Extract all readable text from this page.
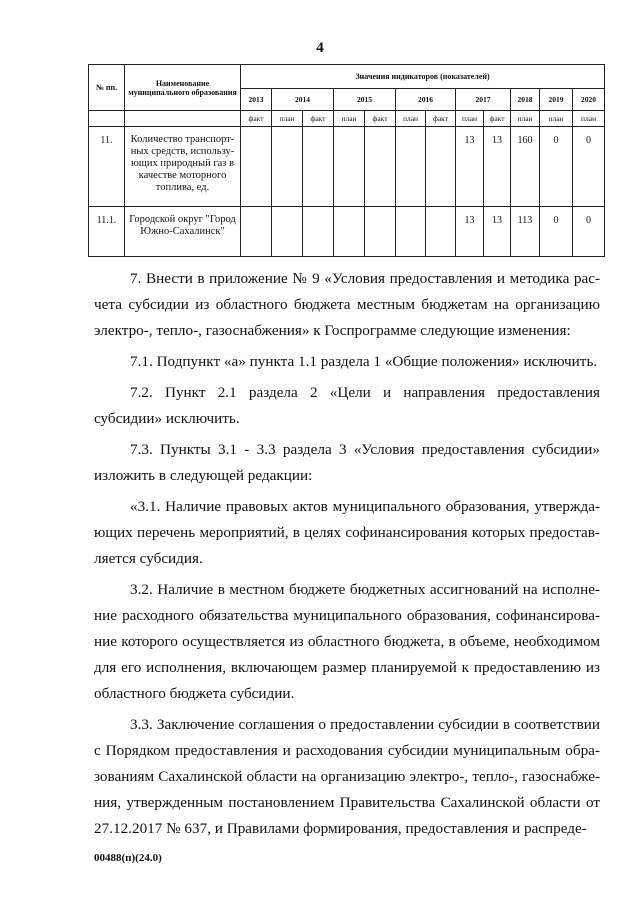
4
№ пп.	Наименование муниципального образования	Значения индикаторов (показателей)											
		2013	2014		2015		2016		2017		2018	2019	2020
		факт	план	факт	план	факт	план	факт	план	факт	план	план	план
11.	Количество транспорт-ных средств, использу-ющих природный газ в качестве моторного топлива, ед.								13	13	160	0	0
11.1.	Городской округ "Город Южно-Сахалинск"								13	13	113	0	0

7. Внести в приложение № 9 «Условия предоставления и методика рас-чета субсидии из областного бюджета местным бюджетам на организацию электро-, тепло-, газоснабжения» к Госпрограмме следующие изменения:

7.1. Подпункт «а» пункта 1.1 раздела 1 «Общие положения» исключить.

7.2. Пункт 2.1 раздела 2 «Цели и направления предоставления субсидии» исключить.

7.3. Пункты 3.1 - 3.3 раздела 3 «Условия предоставления субсидии» изложить в следующей редакции:

«3.1. Наличие правовых актов муниципального образования, утвержда-ющих перечень мероприятий, в целях софинансирования которых предостав-ляется субсидия.

3.2. Наличие в местном бюджете бюджетных ассигнований на исполне-ние расходного обязательства муниципального образования, софинансирова-ние которого осуществляется из областного бюджета, в объеме, необходимом для его исполнения, включающем размер планируемой к предоставлению из областного бюджета субсидии.

3.3. Заключение соглашения о предоставлении субсидии в соответствии с Порядком предоставления и расходования субсидии муниципальным обра-зованиям Сахалинской области на организацию электро-, тепло-, газоснабже-ния, утвержденным постановлением Правительства Сахалинской области от 27.12.2017 № 637, и Правилами формирования, предоставления и распреде-

00488(п)(24.0)
